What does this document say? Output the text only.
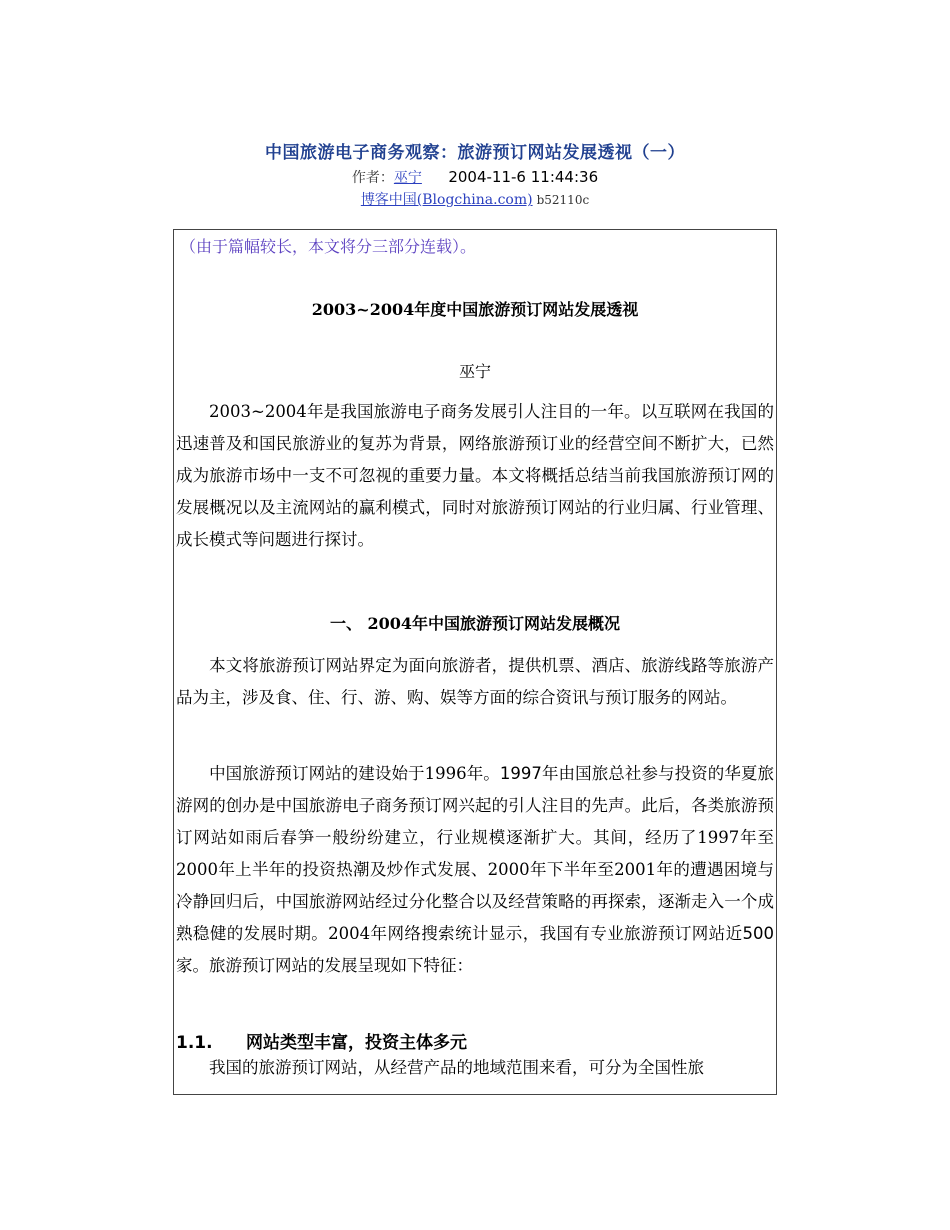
中国旅游电子商务观察：旅游预订网站发展透视（一）
作者：巫宁 2004-11-6 11:44:36
博客中国(Blogchina.com) b52110c
（由于篇幅较长，本文将分三部分连载）。
2003~2004年度中国旅游预订网站发展透视
巫宁
2003~2004年是我国旅游电子商务发展引人注目的一年。以互联网在我国的迅速普及和国民旅游业的复苏为背景，网络旅游预订业的经营空间不断扩大，已然成为旅游市场中一支不可忽视的重要力量。本文将概括总结当前我国旅游预订网的发展概况以及主流网站的赢利模式，同时对旅游预订网站的行业归属、行业管理、成长模式等问题进行探讨。
一、 2004年中国旅游预订网站发展概况
本文将旅游预订网站界定为面向旅游者，提供机票、酒店、旅游线路等旅游产品为主，涉及食、住、行、游、购、娱等方面的综合资讯与预订服务的网站。
中国旅游预订网站的建设始于1996年。1997年由国旅总社参与投资的华夏旅游网的创办是中国旅游电子商务预订网兴起的引人注目的先声。此后，各类旅游预订网站如雨后春笋一般纷纷建立，行业规模逐渐扩大。其间，经历了1997年至2000年上半年的投资热潮及炒作式发展、2000年下半年至2001年的遭遇困境与冷静回归后，中国旅游网站经过分化整合以及经营策略的再探索，逐渐走入一个成熟稳健的发展时期。2004年网络搜索统计显示，我国有专业旅游预订网站近500家。旅游预订网站的发展呈现如下特征：
1.1. 网站类型丰富，投资主体多元
我国的旅游预订网站，从经营产品的地域范围来看，可分为全国性旅
